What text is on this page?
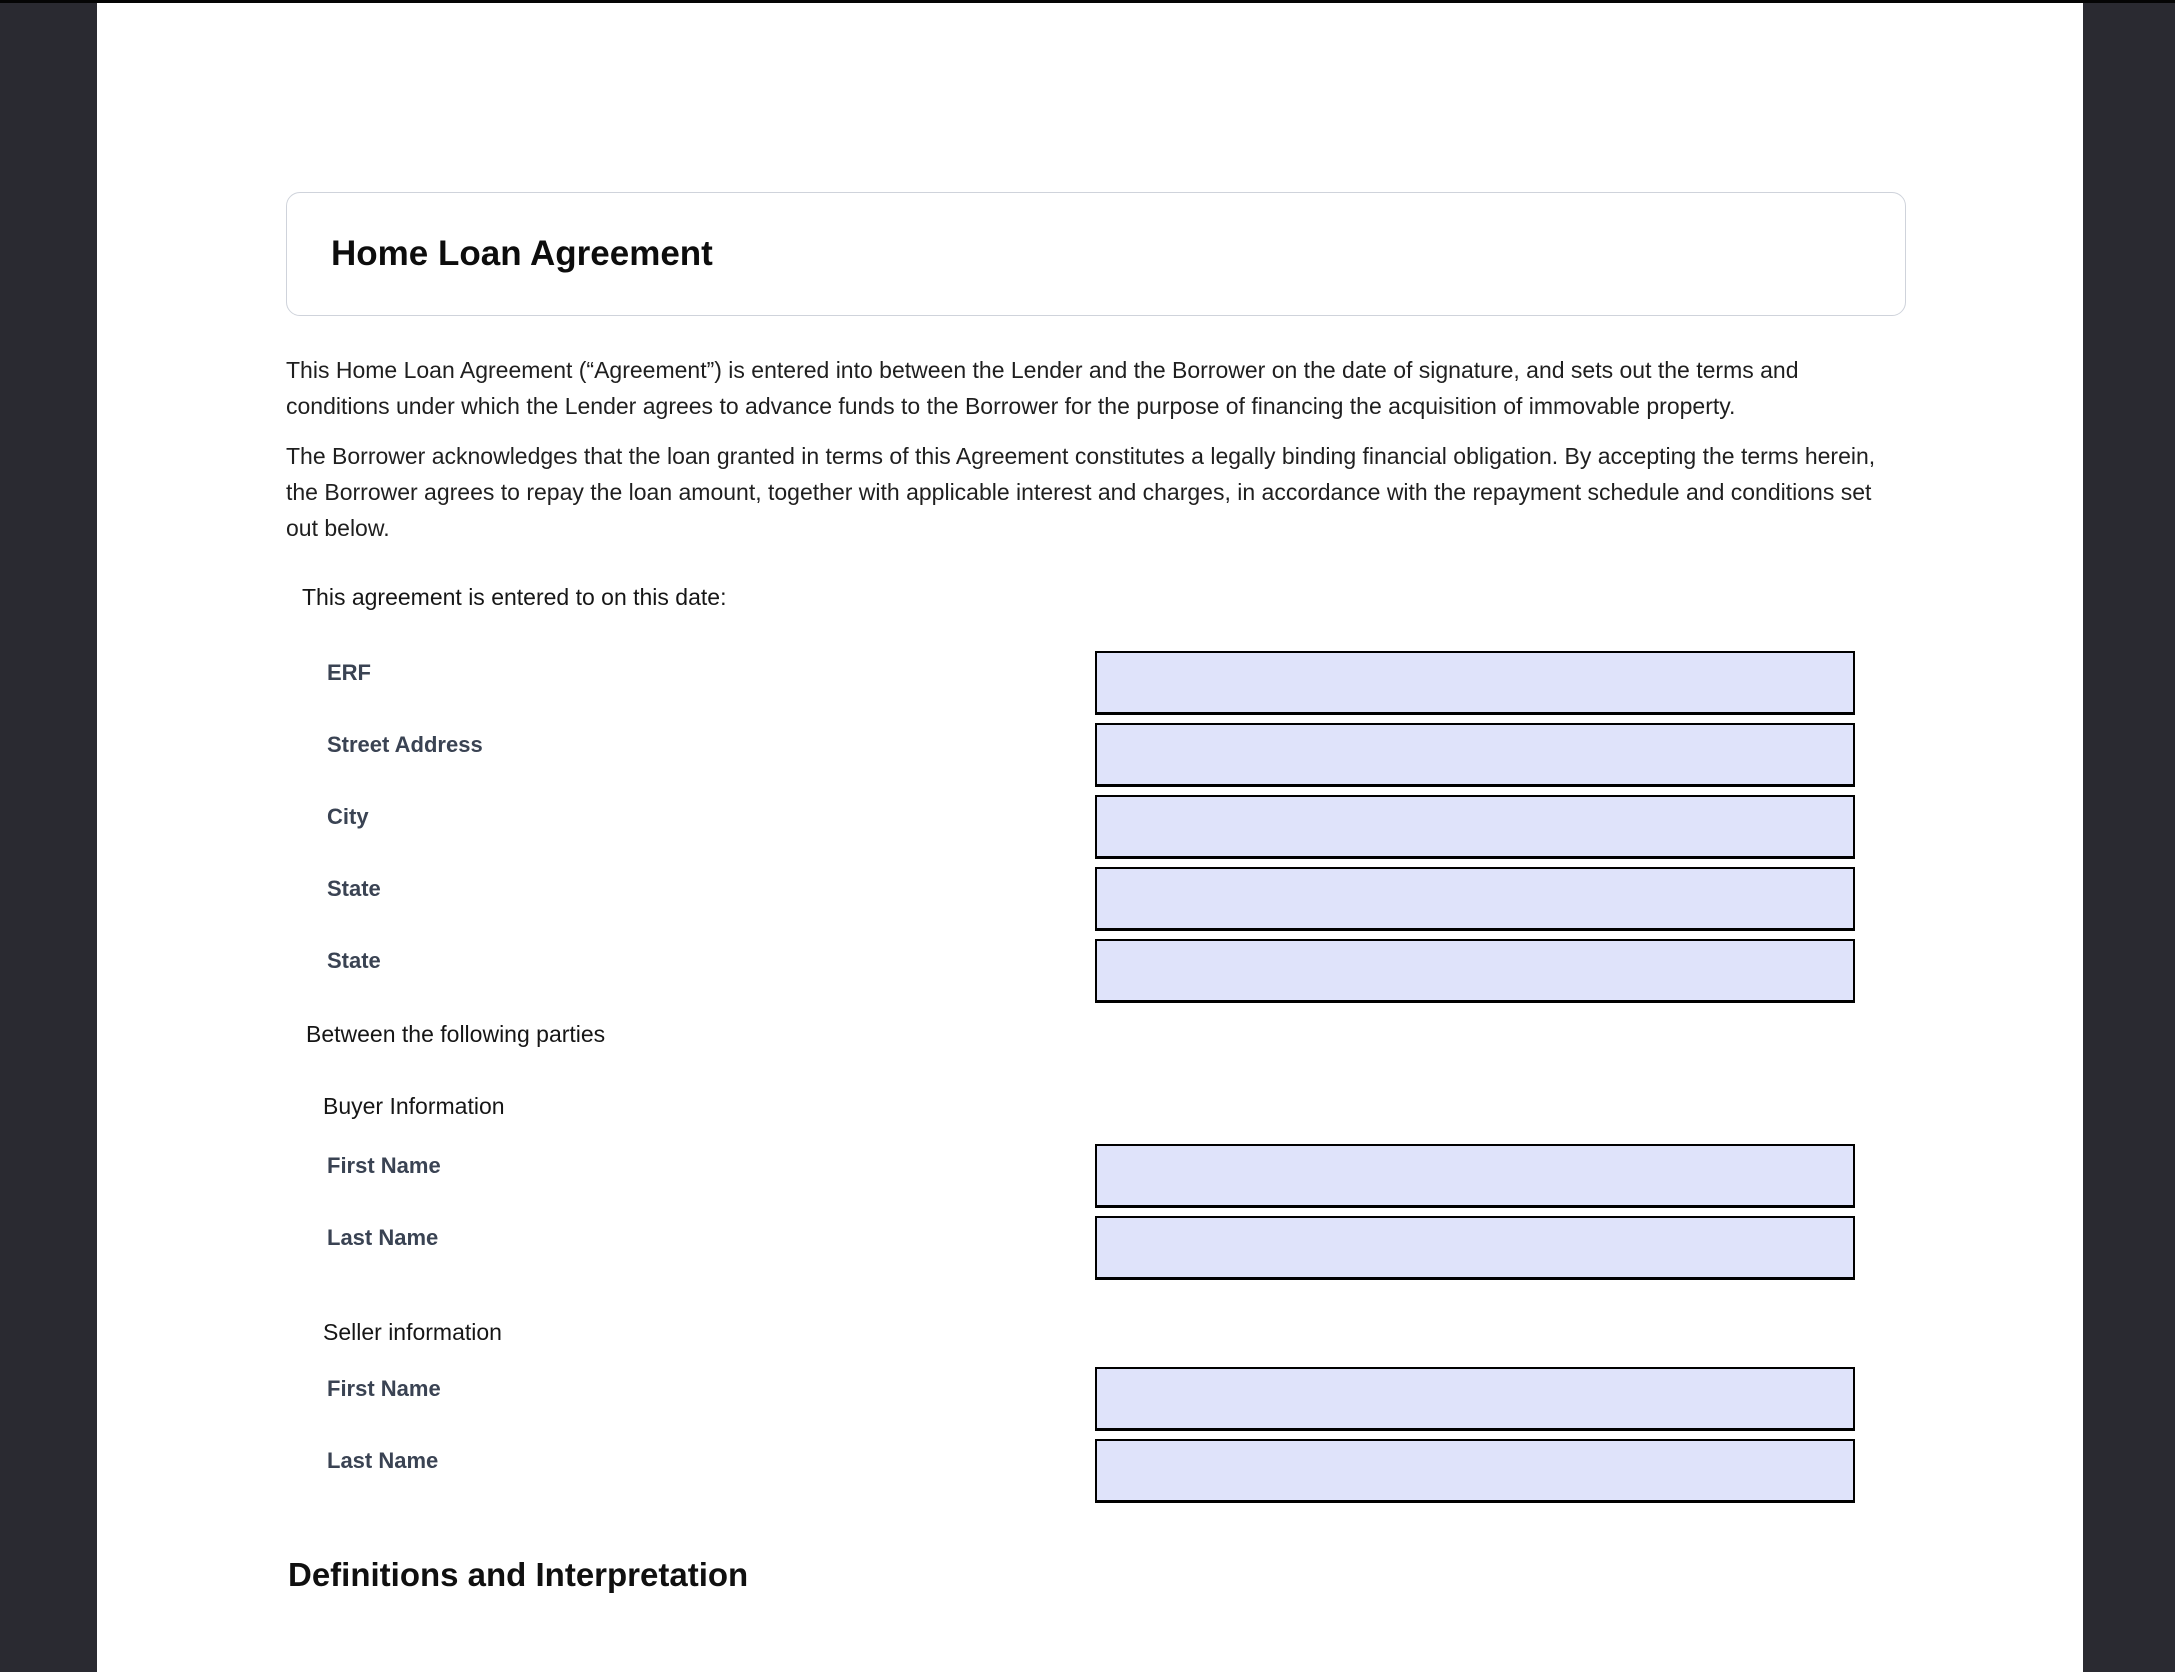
Home Loan Agreement

This Home Loan Agreement (“Agreement”) is entered into between the Lender and the Borrower on the date of signature, and sets out the terms and conditions under which the Lender agrees to advance funds to the Borrower for the purpose of financing the acquisition of immovable property.

The Borrower acknowledges that the loan granted in terms of this Agreement constitutes a legally binding financial obligation. By accepting the terms herein, the Borrower agrees to repay the loan amount, together with applicable interest and charges, in accordance with the repayment schedule and conditions set out below.

This agreement is entered to on this date:
ERF
Street Address
City
State
State
Between the following parties
Buyer Information
First Name
Last Name
Seller information
First Name
Last Name
Definitions and Interpretation
